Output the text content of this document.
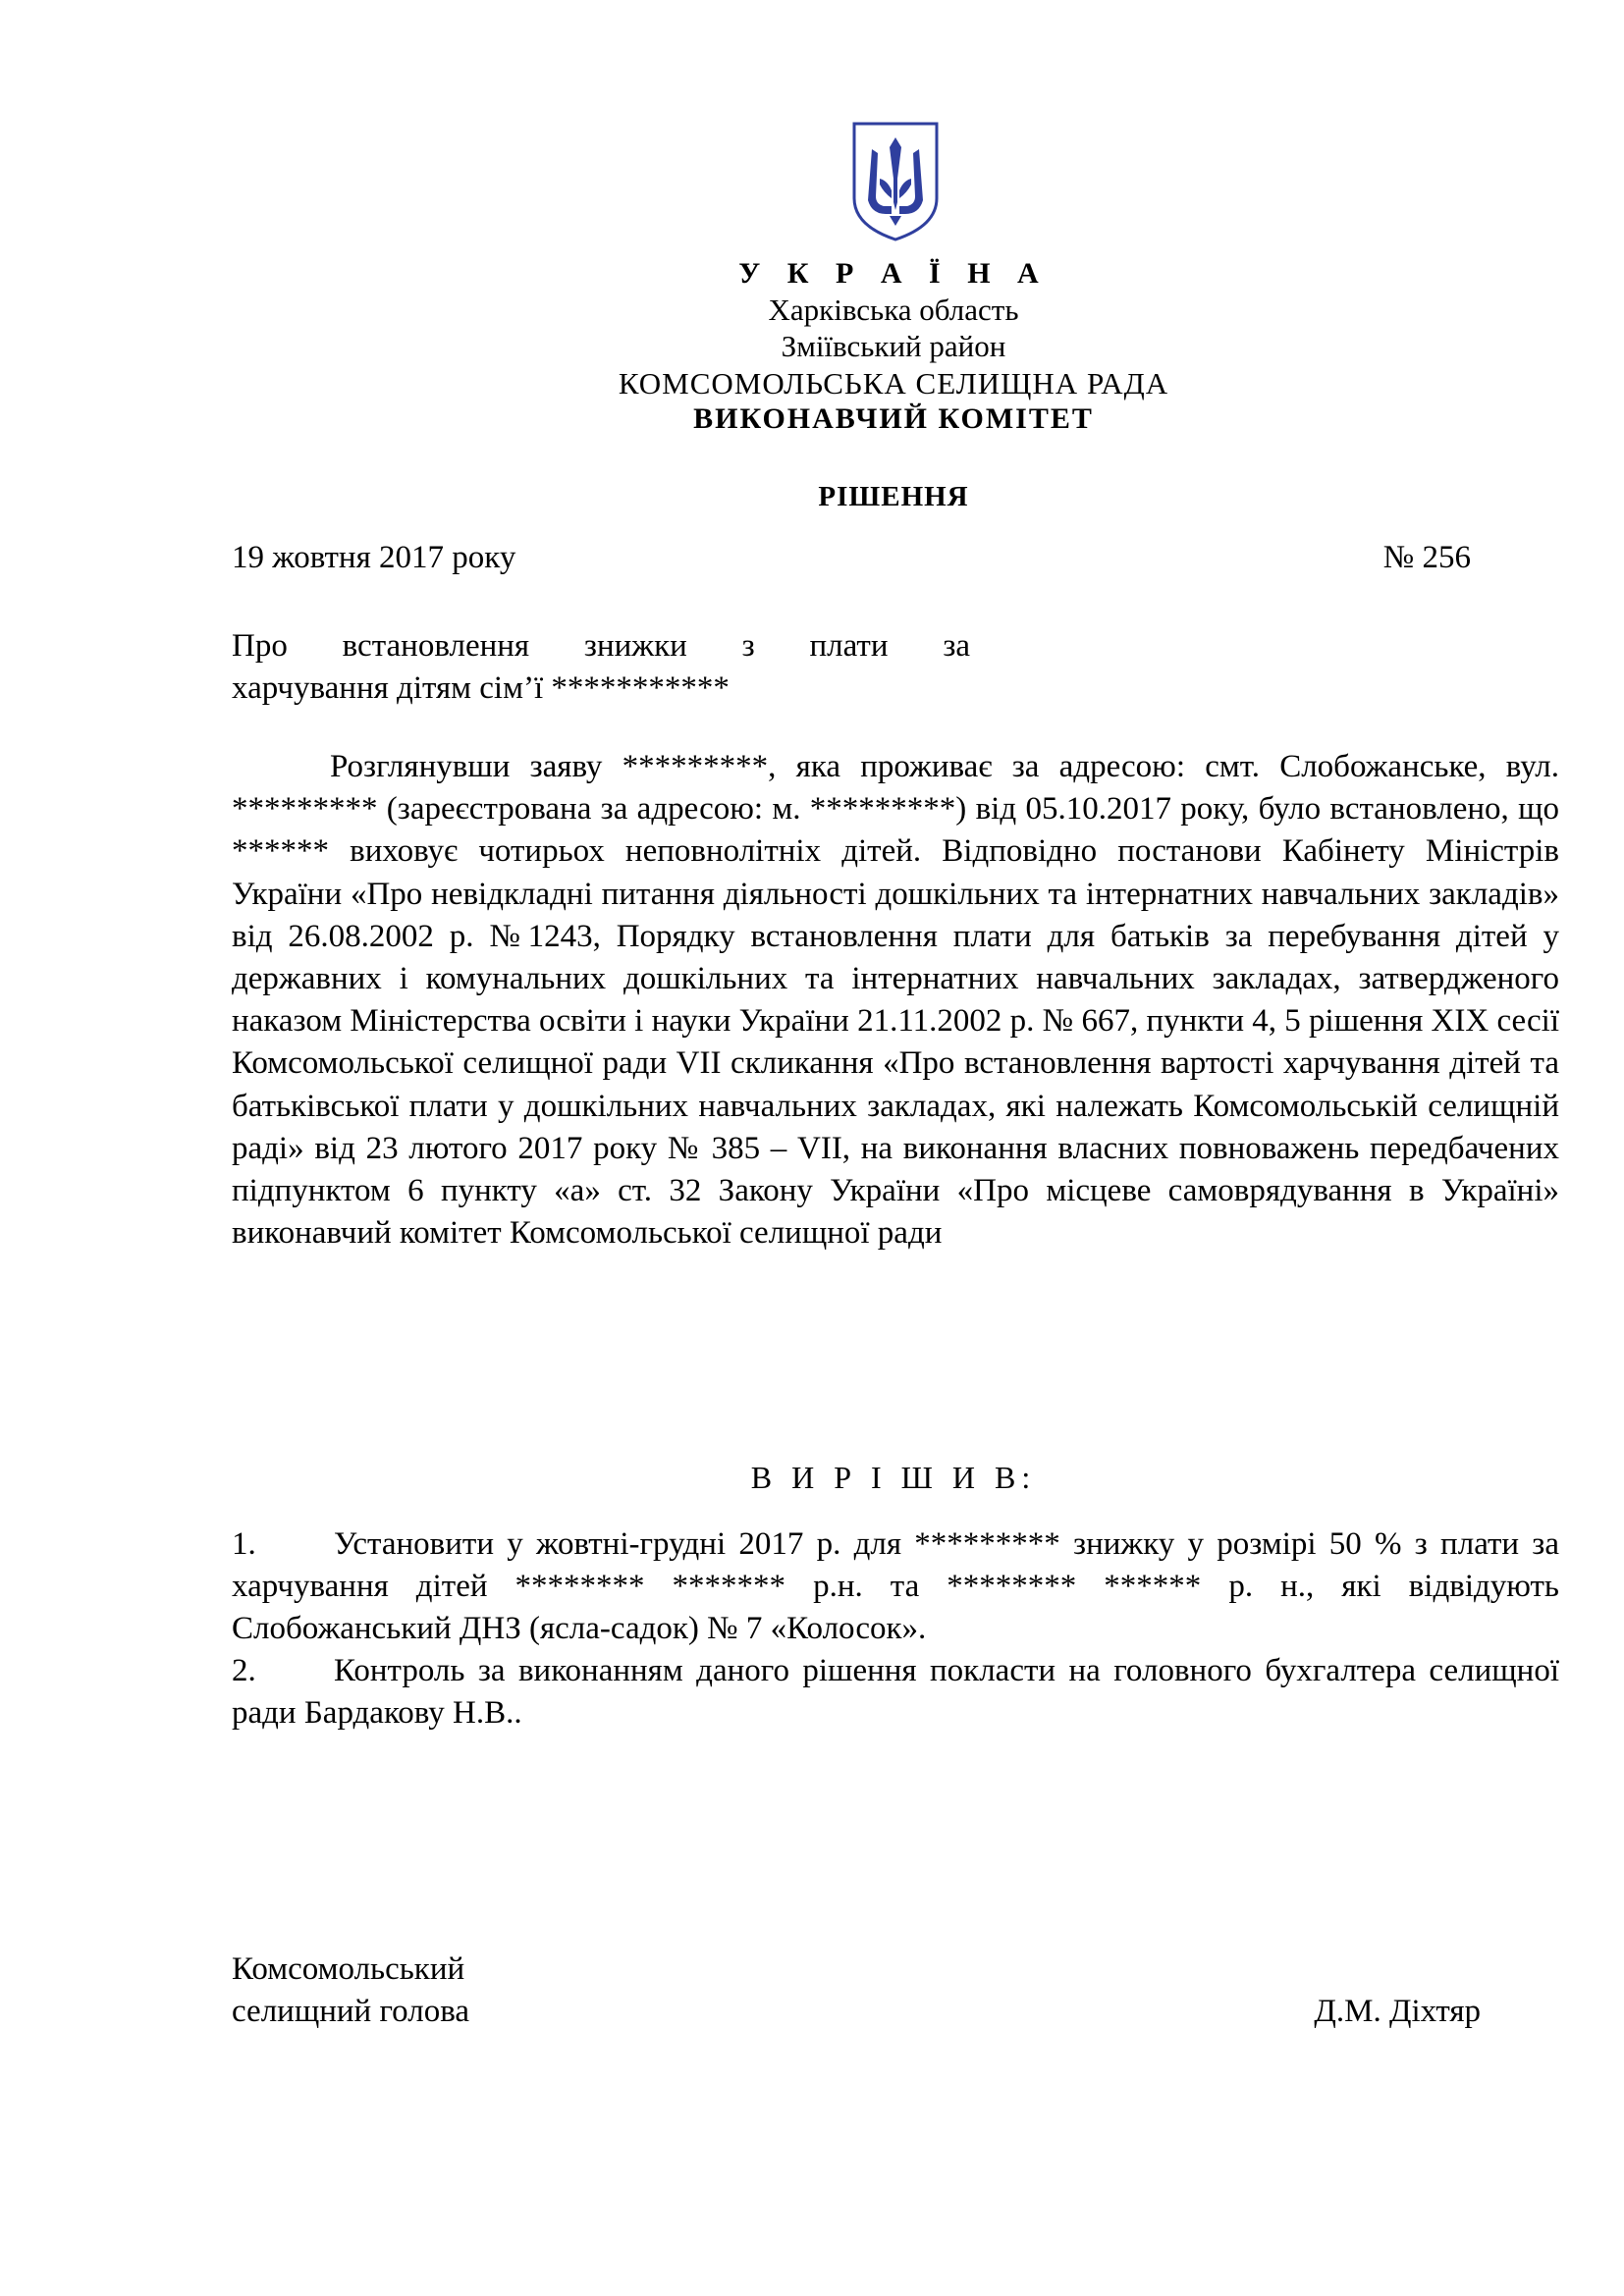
У К Р А Ї Н А
Харківська область
Зміївський район
КОМСОМОЛЬСЬКА СЕЛИЩНА РАДА
ВИКОНАВЧИЙ КОМІТЕТ
РІШЕННЯ
19 жовтня 2017 року	№ 256
Про встановлення знижки з плати за

харчування дітям сім’ї ***********
Розглянувши заяву *********, яка проживає за адресою: смт. Слобожанське, вул. ********* (зареєстрована за адресою: м. *********) від 05.10.2017 року, було встановлено, що ****** виховує чотирьох неповнолітніх дітей. Відповідно постанови Кабінету Міністрів України «Про невідкладні питання діяльності дошкільних та інтернатних навчальних закладів» від 26.08.2002 р. №1243, Порядку встановлення плати для батьків за перебування дітей у державних і комунальних дошкільних та інтернатних навчальних закладах, затвердженого наказом Міністерства освіти і науки України 21.11.2002 р. № 667, пункти 4, 5 рішення ХІХ сесії Комсомольської селищної ради VII скликання «Про встановлення вартості харчування дітей та батьківської плати у дошкільних навчальних закладах, які належать Комсомольській селищній раді» від 23 лютого 2017 року № 385 – VII, на виконання власних повноважень передбачених підпунктом 6 пункту «а» ст. 32 Закону України «Про місцеве самоврядування в Україні» виконавчий комітет Комсомольської селищної ради
В И Р І Ш И В:

1. Установити у жовтні-грудні 2017 р. для ********* знижку у розмірі 50 % з плати за харчування дітей ******** ******* р.н. та ******** ****** р. н., які відвідують Слобожанський ДНЗ (ясла-садок) № 7 «Колосок».

2. Контроль за виконанням даного рішення покласти на головного бухгалтера селищної ради Бардакову Н.В..

Комсомольський
селищний голова	Д.М. Діхтяр
